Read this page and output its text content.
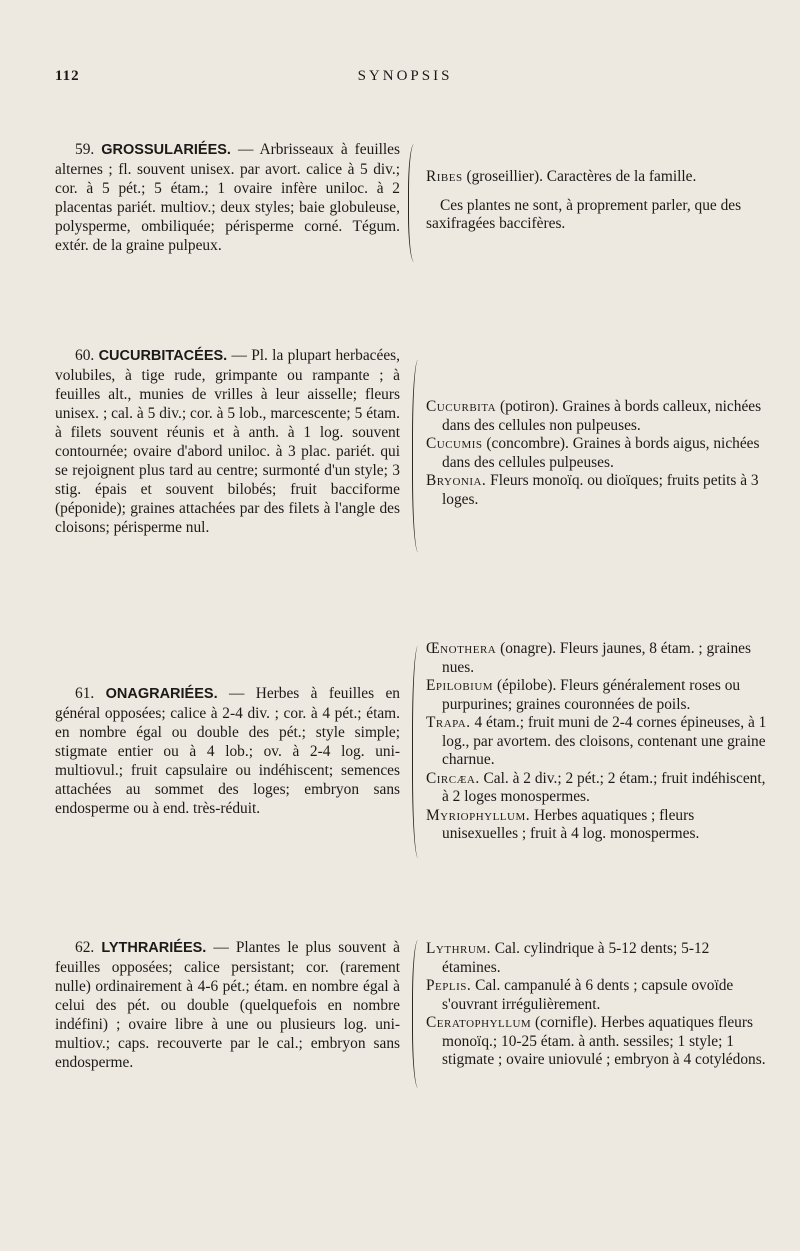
112	SYNOPSIS

59. GROSSULARIÉES. — Arbrisseaux à feuilles alternes ; fl. souvent unisex. par avort. calice à 5 div.; cor. à 5 pét.; 5 étam.; 1 ovaire infère uniloc. à 2 placentas pariét. multiov.; deux styles; baie globuleuse, polysperme, ombiliquée; périsperme corné. Tégum. extér. de la graine pulpeux.

Ribes (groseillier). Caractères de la famille.

Ces plantes ne sont, à proprement parler, que des saxifragées baccifères.

60. CUCURBITACÉES. — Pl. la plupart herbacées, volubiles, à tige rude, grimpante ou rampante ; à feuilles alt., munies de vrilles à leur aisselle; fleurs unisex. ; cal. à 5 div.; cor. à 5 lob., marcescente; 5 étam. à filets souvent réunis et à anth. à 1 log. souvent contournée; ovaire d'abord uniloc. à 3 plac. pariét. qui se rejoignent plus tard au centre; surmonté d'un style; 3 stig. épais et souvent bilobés; fruit bacciforme (péponide); graines attachées par des filets à l'angle des cloisons; périsperme nul.

Cucurbita (potiron). Graines à bords calleux, nichées dans des cellules non pulpeuses.

Cucumis (concombre). Graines à bords aigus, nichées dans des cellules pulpeuses.

Bryonia. Fleurs monoïq. ou dioïques; fruits petits à 3 loges.

61. ONAGRARIÉES. — Herbes à feuilles en général opposées; calice à 2-4 div. ; cor. à 4 pét.; étam. en nombre égal ou double des pét.; style simple; stigmate entier ou à 4 lob.; ov. à 2-4 log. uni-multiovul.; fruit capsulaire ou indéhiscent; semences attachées au sommet des loges; embryon sans endosperme ou à end. très-réduit.

Œnothera (onagre). Fleurs jaunes, 8 étam. ; graines nues.

Epilobium (épilobe). Fleurs généralement roses ou purpurines; graines couronnées de poils.

Trapa. 4 étam.; fruit muni de 2-4 cornes épineuses, à 1 log., par avortem. des cloisons, contenant une graine charnue.

Circæa. Cal. à 2 div.; 2 pét.; 2 étam.; fruit indéhiscent, à 2 loges monospermes.

Myriophyllum. Herbes aquatiques ; fleurs unisexuelles ; fruit à 4 log. monospermes.

62. LYTHRARIÉES. — Plantes le plus souvent à feuilles opposées; calice persistant; cor. (rarement nulle) ordinairement à 4-6 pét.; étam. en nombre égal à celui des pét. ou double (quelquefois en nombre indéfini) ; ovaire libre à une ou plusieurs log. uni-multiov.; caps. recouverte par le cal.; embryon sans endosperme.

Lythrum. Cal. cylindrique à 5-12 dents; 5-12 étamines.

Peplis. Cal. campanulé à 6 dents ; capsule ovoïde s'ouvrant irrégulièrement.

Ceratophyllum (cornifle). Herbes aquatiques fleurs monoïq.; 10-25 étam. à anth. sessiles; 1 style; 1 stigmate ; ovaire uniovulé ; embryon à 4 cotylédons.
